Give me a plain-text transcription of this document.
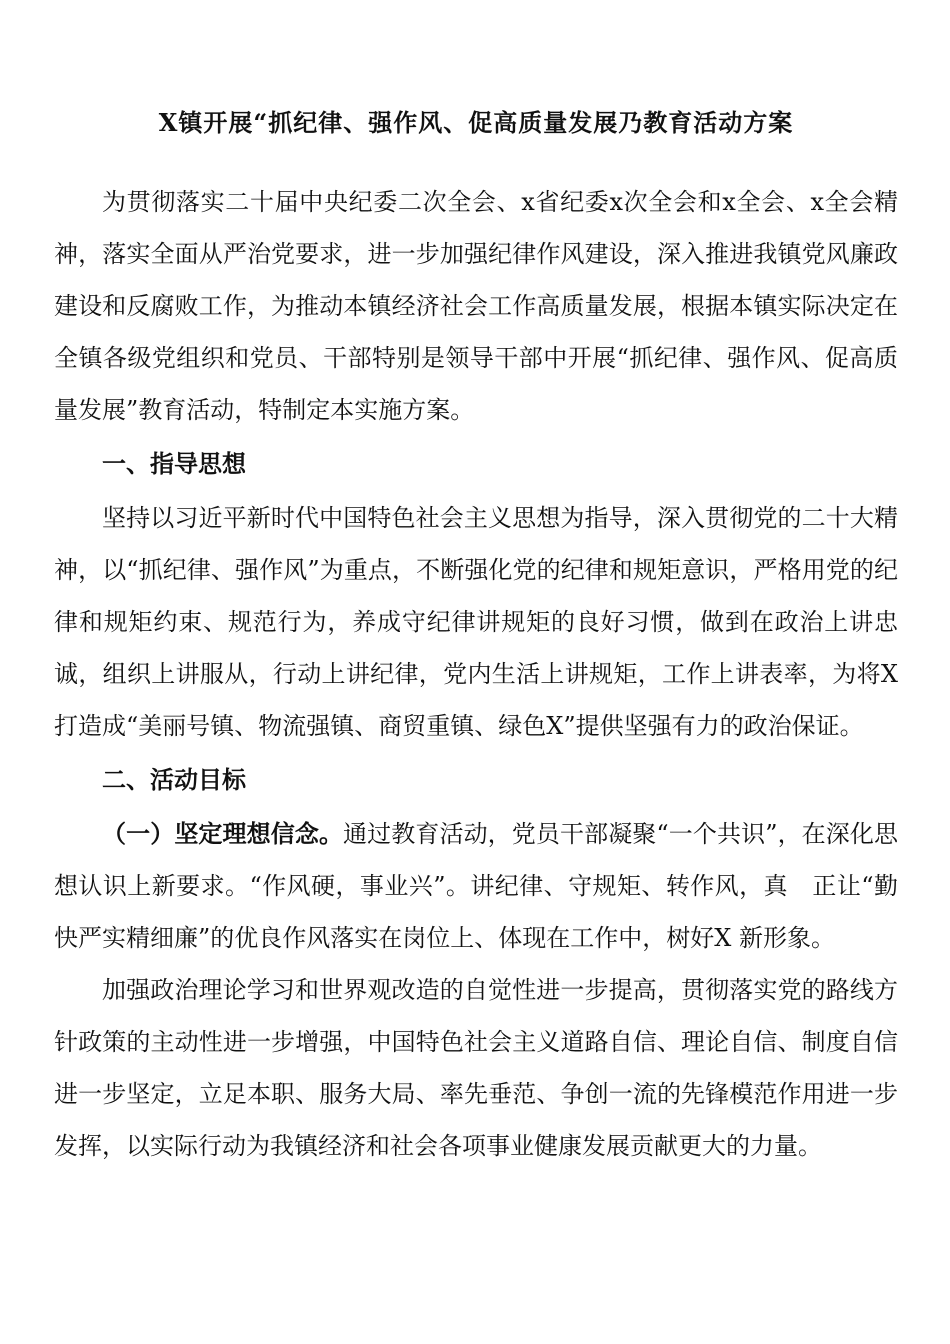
X镇开展“抓纪律、强作风、促高质量发展乃教育活动方案

为贯彻落实二十届中央纪委二次全会、x省纪委x次全会和x全会、x全会精神，落实全面从严治党要求，进一步加强纪律作风建设，深入推进我镇党风廉政建设和反腐败工作，为推动本镇经济社会工作高质量发展，根据本镇实际决定在全镇各级党组织和党员、干部特别是领导干部中开展“抓纪律、强作风、促高质量发展”教育活动，特制定本实施方案。

一、指导思想

坚持以习近平新时代中国特色社会主义思想为指导，深入贯彻党的二十大精神，以“抓纪律、强作风”为重点，不断强化党的纪律和规矩意识，严格用党的纪律和规矩约束、规范行为，养成守纪律讲规矩的良好习惯，做到在政治上讲忠诚，组织上讲服从，行动上讲纪律，党内生活上讲规矩，工作上讲表率，为将X打造成“美丽号镇、物流强镇、商贸重镇、绿色X”提供坚强有力的政治保证。

二、活动目标

（一）坚定理想信念。通过教育活动，党员干部凝聚“一个共识”，在深化思想认识上新要求。“作风硬，事业兴”。讲纪律、守规矩、转作风，真　正让“勤快严实精细廉”的优良作风落实在岗位上、体现在工作中，树好X 新形象。

加强政治理论学习和世界观改造的自觉性进一步提高，贯彻落实党的路线方针政策的主动性进一步增强，中国特色社会主义道路自信、理论自信、制度自信进一步坚定，立足本职、服务大局、率先垂范、争创一流的先锋模范作用进一步发挥，以实际行动为我镇经济和社会各项事业健康发展贡献更大的力量。
